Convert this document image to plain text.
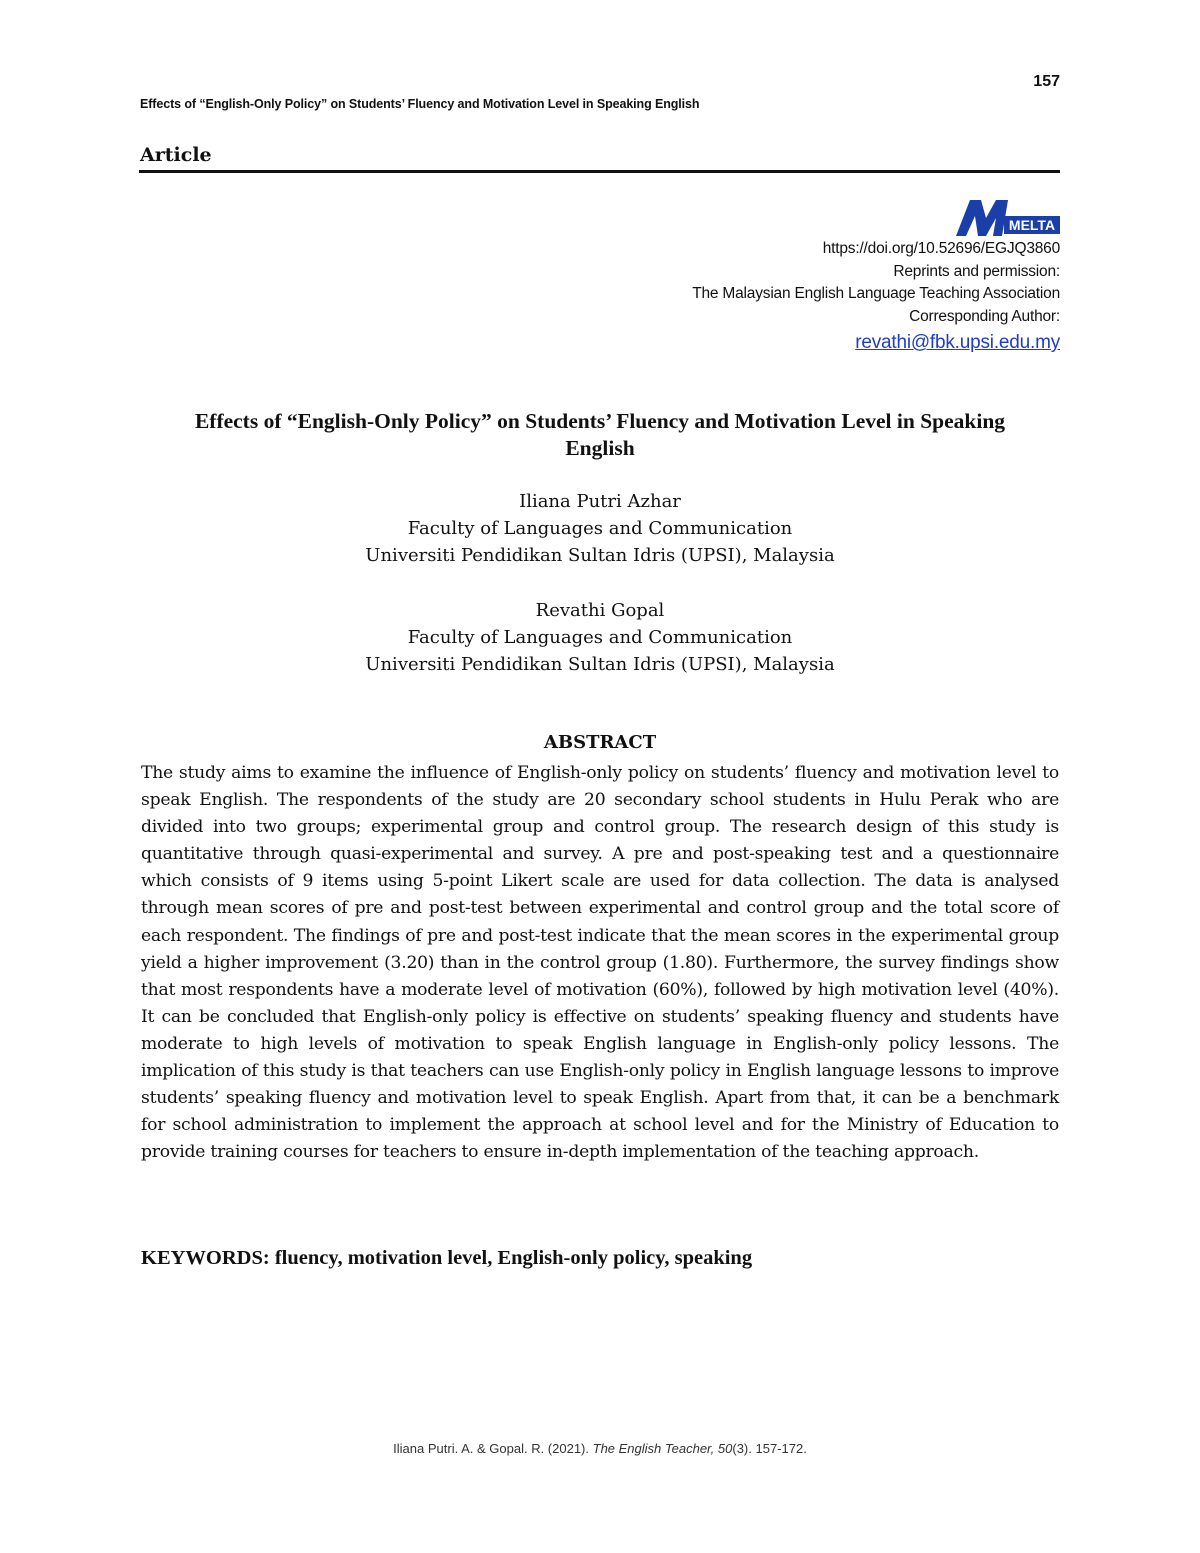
157
Effects of “English-Only Policy” on Students’ Fluency and Motivation Level in Speaking English
Article
MELTA
https://doi.org/10.52696/EGJQ3860
Reprints and permission:
The Malaysian English Language Teaching Association
Corresponding Author:
revathi@fbk.upsi.edu.my
Effects of “English-Only Policy” on Students’ Fluency and Motivation Level in Speaking
English
Iliana Putri Azhar
Faculty of Languages and Communication
Universiti Pendidikan Sultan Idris (UPSI), Malaysia
Revathi Gopal
Faculty of Languages and Communication
Universiti Pendidikan Sultan Idris (UPSI), Malaysia
ABSTRACT
The study aims to examine the influence of English-only policy on students’ fluency and motivation level to speak English. The respondents of the study are 20 secondary school students in Hulu Perak who are divided into two groups; experimental group and control group. The research design of this study is quantitative through quasi-experimental and survey. A pre and post-speaking test and a questionnaire which consists of 9 items using 5-point Likert scale are used for data collection. The data is analysed through mean scores of pre and post-test between experimental and control group and the total score of each respondent. The findings of pre and post-test indicate that the mean scores in the experimental group yield a higher improvement (3.20) than in the control group (1.80). Furthermore, the survey findings show that most respondents have a moderate level of motivation (60%), followed by high motivation level (40%). It can be concluded that English-only policy is effective on students’ speaking fluency and students have moderate to high levels of motivation to speak English language in English-only policy lessons. The implication of this study is that teachers can use English-only policy in English language lessons to improve students’ speaking fluency and motivation level to speak English. Apart from that, it can be a benchmark for school administration to implement the approach at school level and for the Ministry of Education to provide training courses for teachers to ensure in-depth implementation of the teaching approach.
KEYWORDS: fluency, motivation level, English-only policy, speaking
Iliana Putri. A. & Gopal. R. (2021). The English Teacher, 50(3). 157-172.
